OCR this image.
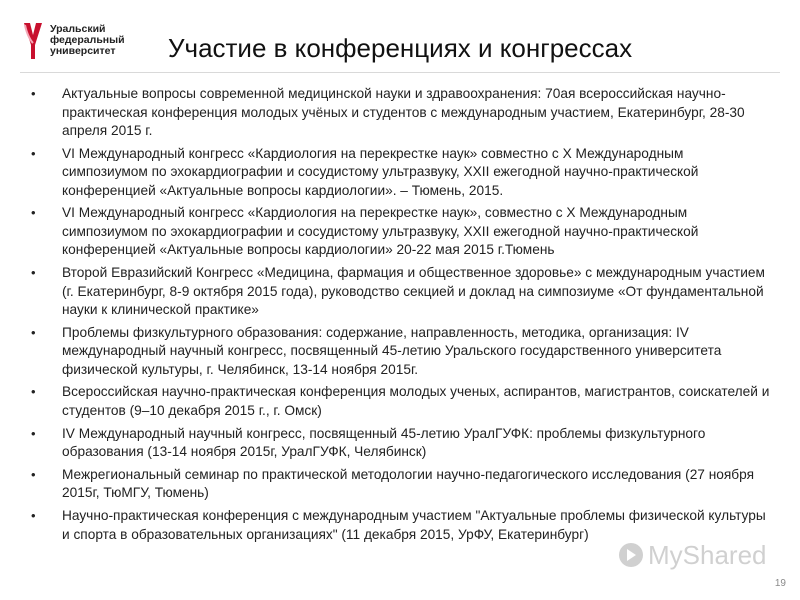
Уральский
федеральный
университет	Участие в конференциях и конгрессах
• Актуальные вопросы современной медицинской науки и здравоохранения: 70ая всероссийская научно-практическая конференция молодых учёных и студентов с международным участием, Екатеринбург, 28-30 апреля 2015 г.
• VI Международный конгресс «Кардиология на перекрестке наук» совместно с X Международным симпозиумом по эхокардиографии и сосудистому ультразвуку, XXII ежегодной научно-практической конференцией «Актуальные вопросы кардиологии». – Тюмень, 2015.
• VI Международный конгресс «Кардиология на перекрестке наук», совместно с X Международным симпозиумом по эхокардиографии и сосудистому ультразвуку, XXII ежегодной научно-практической конференцией «Актуальные вопросы кардиологии» 20-22 мая 2015 г.Тюмень
• Второй Евразийский Конгресс «Медицина, фармация и общественное здоровье» с международным участием (г. Екатеринбург, 8-9 октября 2015 года), руководство секцией и доклад на симпозиуме «От фундаментальной науки к клинической практике»
• Проблемы физкультурного образования: содержание, направленность, методика, организация: IV международный научный конгресс, посвященный 45-летию Уральского государственного университета физической культуры, г. Челябинск, 13-14 ноября 2015г.
• Всероссийская научно-практическая конференция молодых ученых, аспирантов, магистрантов, соискателей и студентов (9–10 декабря 2015 г., г. Омск)
• IV Международный научный конгресс, посвященный 45-летию УралГУФК: проблемы физкультурного образования (13-14 ноября 2015г, УралГУФК, Челябинск)
• Межрегиональный семинар по практической методологии научно-педагогического исследования (27 ноября 2015г, ТюМГУ, Тюмень)
• Научно-практическая конференция с международным участием "Актуальные проблемы физической культуры и спорта в образовательных организациях" (11 декабря 2015, УрФУ, Екатеринбург)
MyShared
19
